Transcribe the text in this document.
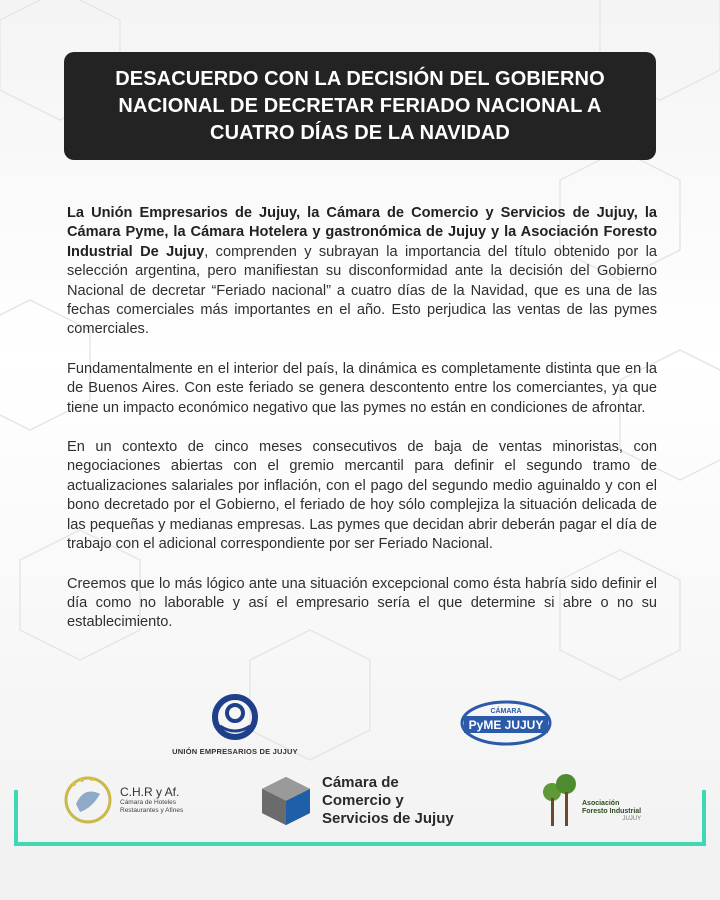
DESACUERDO CON LA DECISIÓN DEL GOBIERNO
NACIONAL DE DECRETAR FERIADO NACIONAL A
CUATRO DÍAS DE LA NAVIDAD

La Unión Empresarios de Jujuy, la Cámara de Comercio y Servicios de Jujuy, la Cámara Pyme, la Cámara Hotelera y gastronómica de Jujuy y la Asociación Foresto Industrial De Jujuy, comprenden y subrayan la importancia del título obtenido por la selección argentina, pero manifiestan su disconformidad ante la decisión del Gobierno Nacional de decretar “Feriado nacional” a cuatro días de la Navidad, que es una de las fechas comerciales más importantes en el año. Esto perjudica las ventas de las pymes comerciales.

Fundamentalmente en el interior del país, la dinámica es completamente distinta que en la de Buenos Aires. Con este feriado se genera descontento entre los comerciantes, ya que tiene un impacto económico negativo que las pymes no están en condiciones de afrontar.

En un contexto de cinco meses consecutivos de baja de ventas minoristas, con negociaciones abiertas con el gremio mercantil para definir el segundo tramo de actualizaciones salariales por inflación, con el pago del segundo medio aguinaldo y con el bono decretado por el Gobierno, el feriado de hoy sólo complejiza la situación delicada de las pequeñas y medianas empresas. Las pymes que decidan abrir deberán pagar el día de trabajo con el adicional correspondiente por ser Feriado Nacional.

Creemos que lo más lógico ante una situación excepcional como ésta habría sido definir el día como no laborable y así el empresario sería el que determine si abre o no su establecimiento.

UNIÓN EMPRESARIOS DE JUJUY
CÁMARA
PyME JUJUY
C.H.R y Af.
Cámara de Hoteles
Restaurantes y Afines
Cámara de
Comercio y
Servicios de Jujuy
Asociación
Foresto Industrial
JUJUY
